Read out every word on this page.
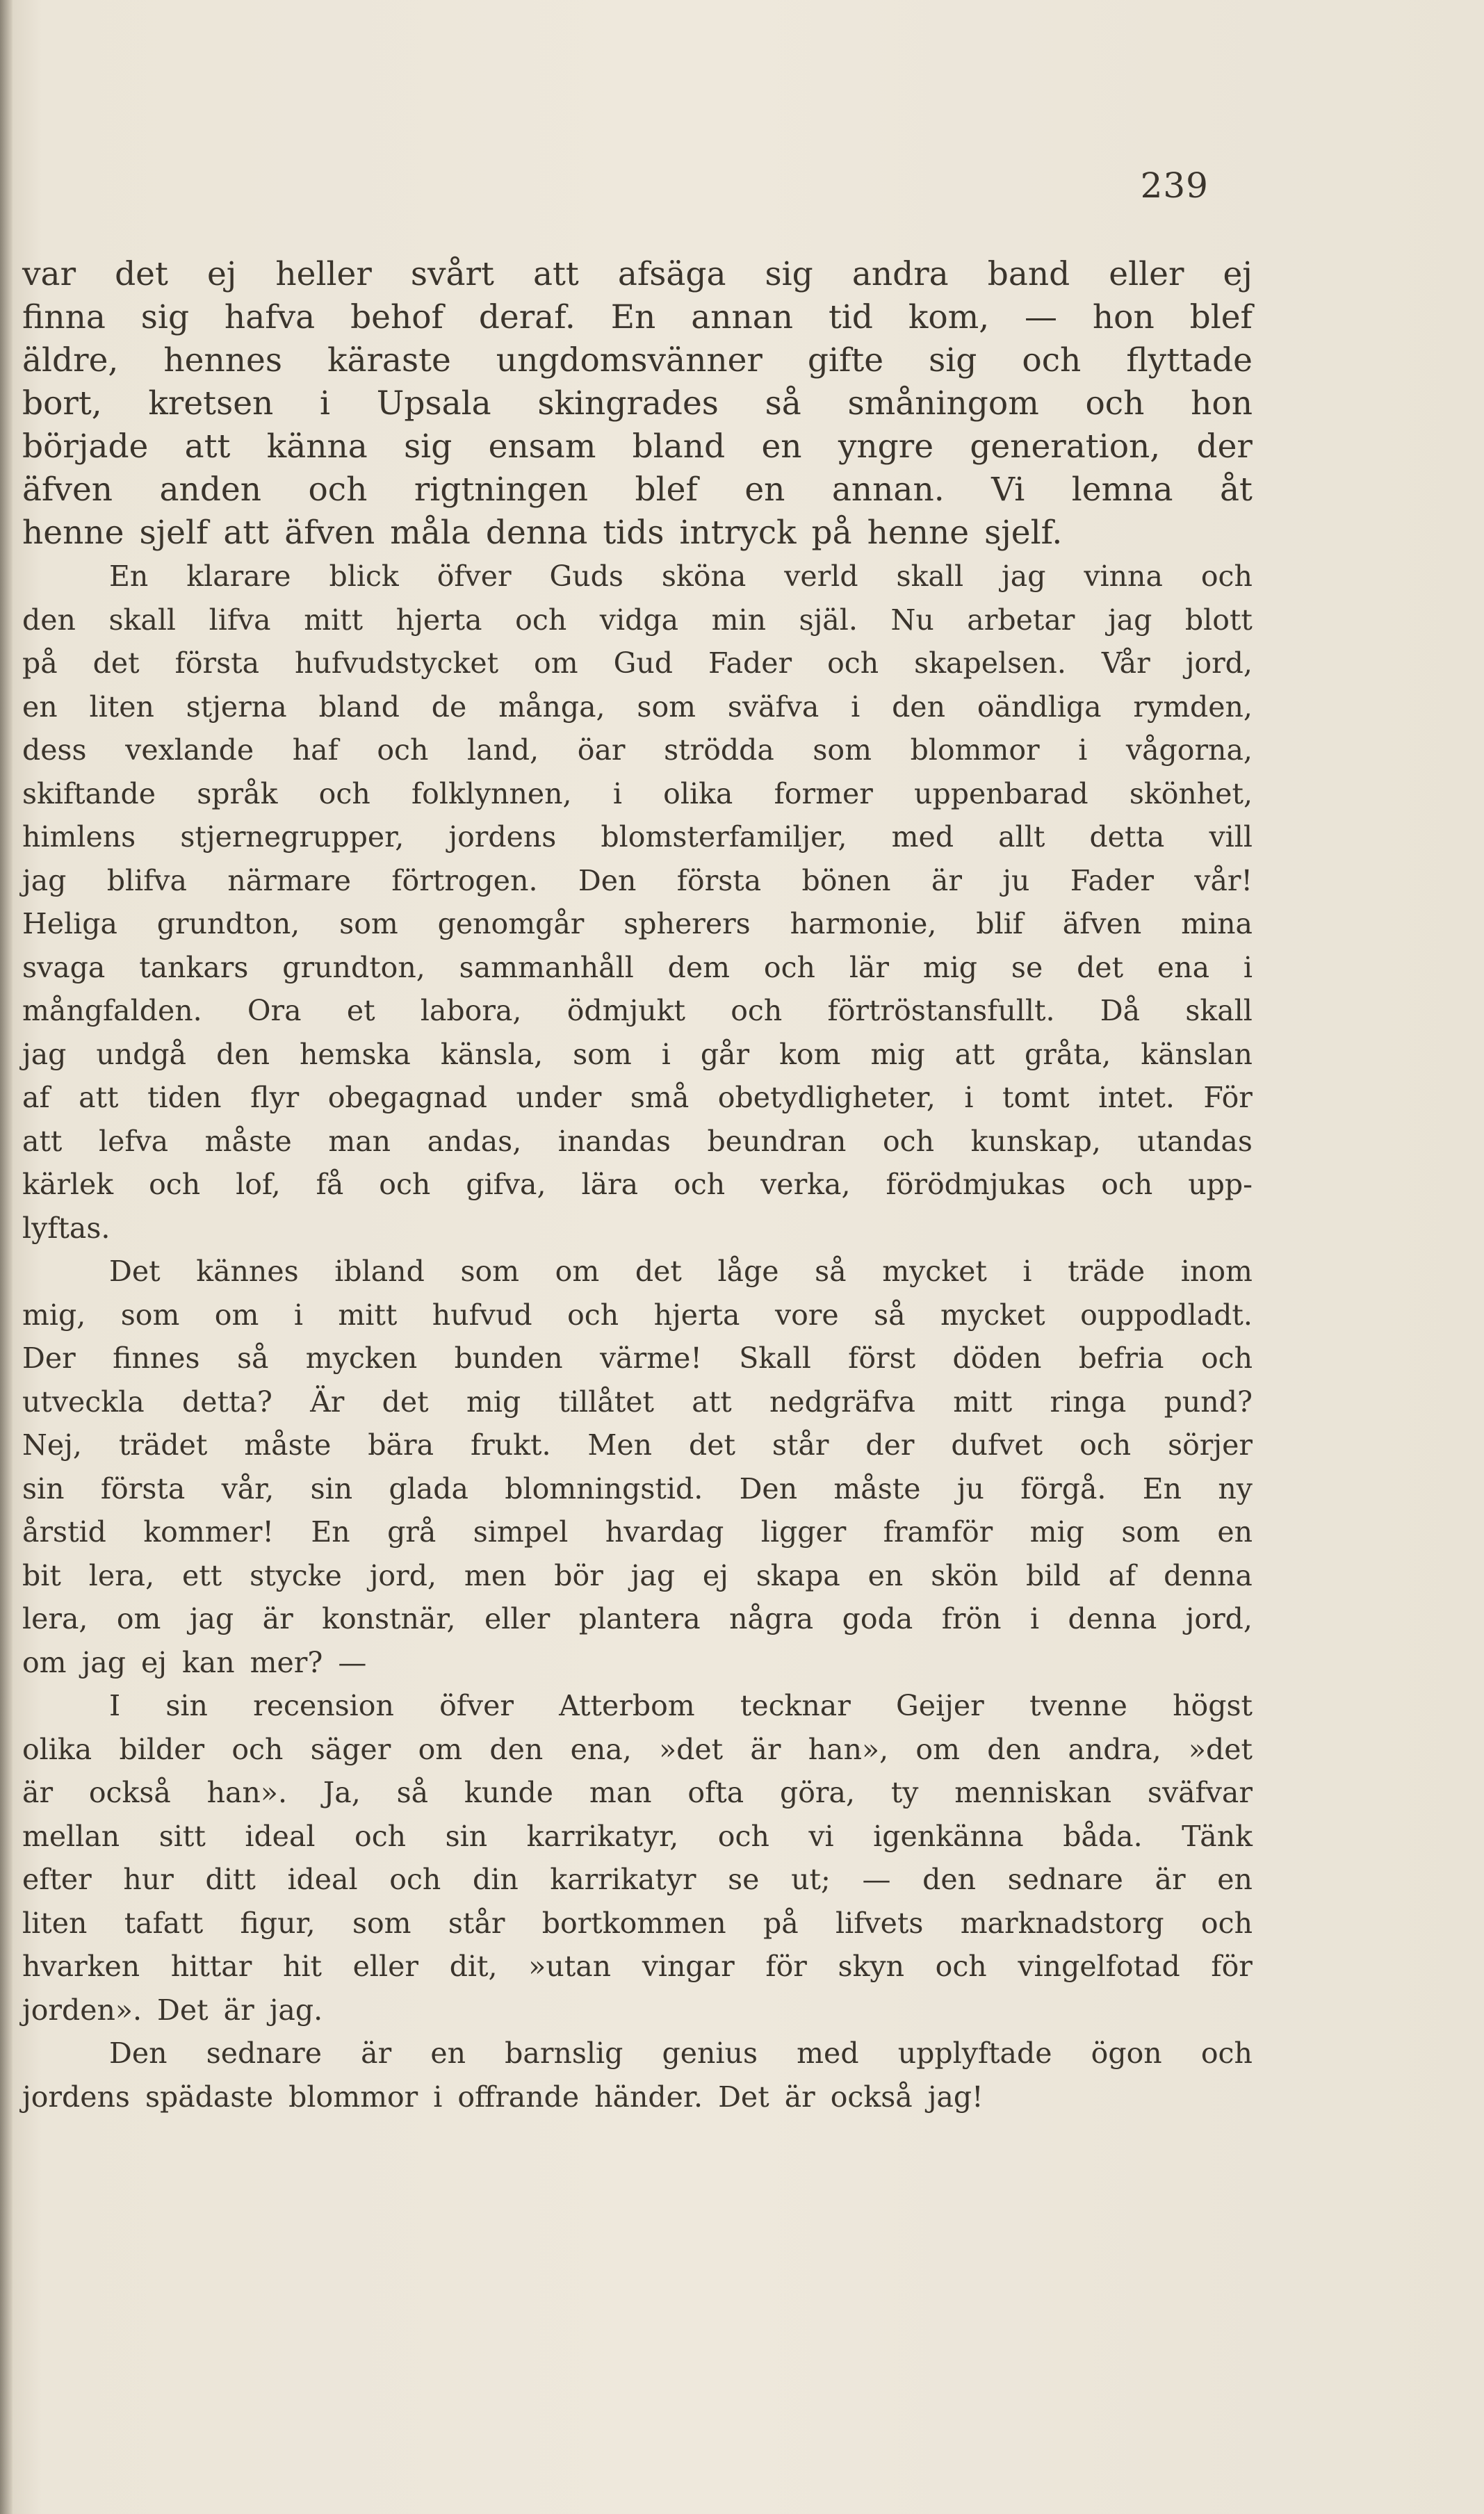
239
var det ej heller svårt att afsäga sig andra band eller ej
finna sig hafva behof deraf. En annan tid kom, — hon blef
äldre, hennes käraste ungdomsvänner gifte sig och flyttade
bort, kretsen i Upsala skingrades så småningom och hon
började att känna sig ensam bland en yngre generation, der
äfven anden och rigtningen blef en annan. Vi lemna åt
henne sjelf att äfven måla denna tids intryck på henne sjelf.
En klarare blick öfver Guds sköna verld skall jag vinna och
den skall lifva mitt hjerta och vidga min själ. Nu arbetar jag blott
på det första hufvudstycket om Gud Fader och skapelsen. Vår jord,
en liten stjerna bland de många, som sväfva i den oändliga rymden,
dess vexlande haf och land, öar strödda som blommor i vågorna,
skiftande språk och folklynnen, i olika former uppenbarad skönhet,
himlens stjernegrupper, jordens blomsterfamiljer, med allt detta vill
jag blifva närmare förtrogen. Den första bönen är ju Fader vår!
Heliga grundton, som genomgår spherers harmonie, blif äfven mina
svaga tankars grundton, sammanhåll dem och lär mig se det ena i
mångfalden. Ora et labora, ödmjukt och förtröstansfullt. Då skall
jag undgå den hemska känsla, som i går kom mig att gråta, känslan
af att tiden flyr obegagnad under små obetydligheter, i tomt intet. För
att lefva måste man andas, inandas beundran och kunskap, utandas
kärlek och lof, få och gifva, lära och verka, förödmjukas och upp-
lyftas.
Det kännes ibland som om det låge så mycket i träde inom
mig, som om i mitt hufvud och hjerta vore så mycket ouppodladt.
Der finnes så mycken bunden värme! Skall först döden befria och
utveckla detta? Är det mig tillåtet att nedgräfva mitt ringa pund?
Nej, trädet måste bära frukt. Men det står der dufvet och sörjer
sin första vår, sin glada blomningstid. Den måste ju förgå. En ny
årstid kommer! En grå simpel hvardag ligger framför mig som en
bit lera, ett stycke jord, men bör jag ej skapa en skön bild af denna
lera, om jag är konstnär, eller plantera några goda frön i denna jord,
om jag ej kan mer? —
I sin recension öfver Atterbom tecknar Geijer tvenne högst
olika bilder och säger om den ena, »det är han», om den andra, »det
är också han». Ja, så kunde man ofta göra, ty menniskan sväfvar
mellan sitt ideal och sin karrikatyr, och vi igenkänna båda. Tänk
efter hur ditt ideal och din karrikatyr se ut; — den sednare är en
liten tafatt figur, som står bortkommen på lifvets marknadstorg och
hvarken hittar hit eller dit, »utan vingar för skyn och vingelfotad för
jorden». Det är jag.
Den sednare är en barnslig genius med upplyftade ögon och
jordens spädaste blommor i offrande händer. Det är också jag!
